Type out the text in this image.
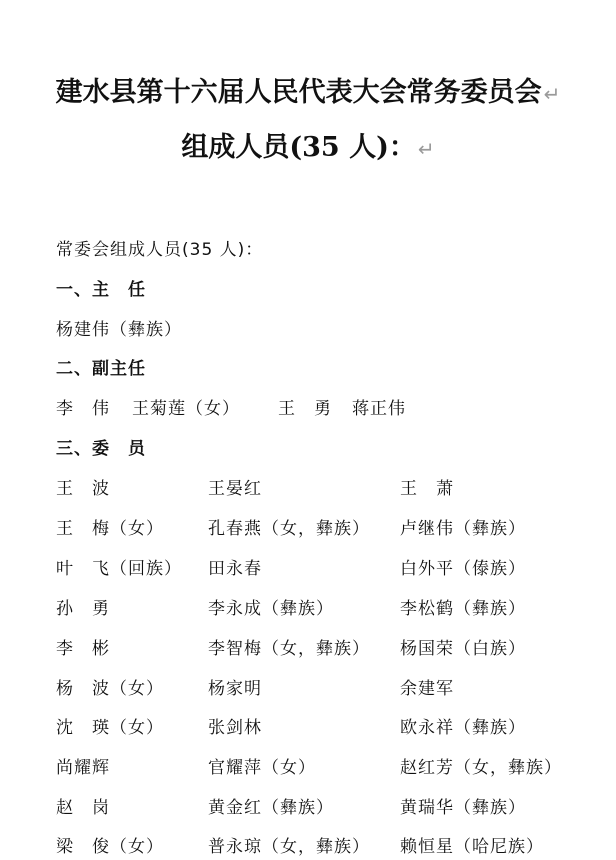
建水县第十六届人民代表大会常务委员会 ↵
组成人员(35 人)： ↵
常委会组成人员(35 人)：
一、主　任
杨建伟（彝族）
二、副主任
李　伟 王菊莲（女） 王　勇 蒋正伟
三、委　员
王　波	王晏红	王　萧
王　梅（女）	孔春燕（女，彝族） 卢继伟（彝族）
叶　飞（回族） 田永春	白外平（傣族）
孙　勇	李永成（彝族）	李松鹤（彝族）
李　彬	李智梅（女，彝族） 杨国荣（白族）
杨　波（女）	杨家明	余建军
沈　瑛（女）	张剑林	欧永祥（彝族）
尚耀辉	官耀萍（女）	赵红芳（女，彝族）
赵　岗	黄金红（彝族）	黄瑞华（彝族）
梁　俊（女）	普永琼（女，彝族） 赖恒星（哈尼族）
